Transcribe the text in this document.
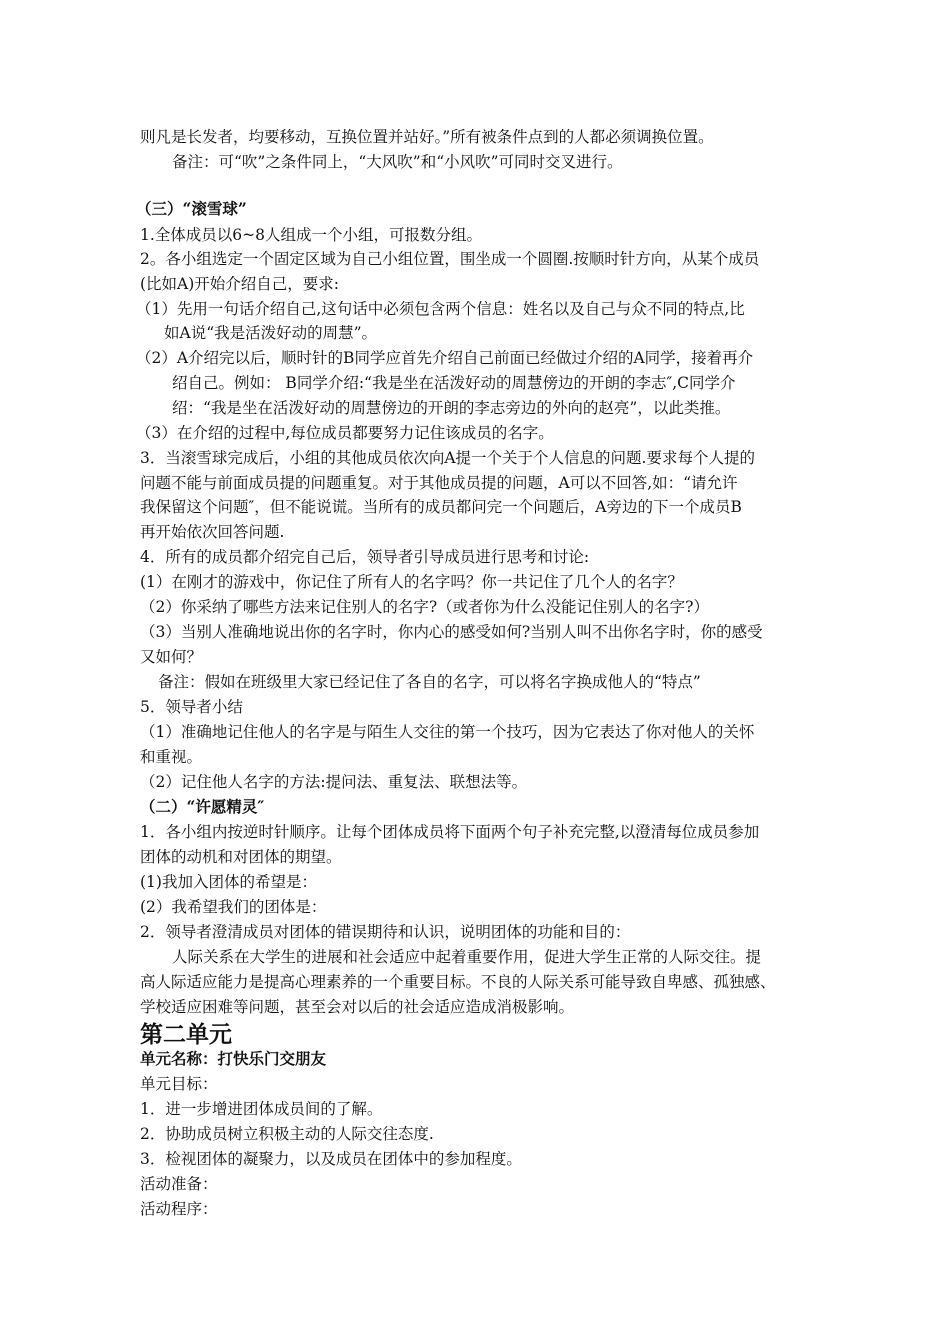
则凡是长发者，均要移动，互换位置并站好。”所有被条件点到的人都必须调换位置。

备注：可“吹”之条件同上，“大风吹”和“小风吹”可同时交叉进行。

（三）“滚雪球”

1.全体成员以6~8人组成一个小组，可报数分组。

2。各小组选定一个固定区域为自己小组位置，围坐成一个圆圈.按顺时针方向，从某个成员

(比如A)开始介绍自己，要求:

（1）先用一句话介绍自己,这句话中必须包含两个信息：姓名以及自己与众不同的特点,比

如A说“我是活泼好动的周慧”。

（2）A介绍完以后，顺时针的B同学应首先介绍自己前面已经做过介绍的A同学，接着再介

绍自己。例如： B同学介绍:“我是坐在活泼好动的周慧傍边的开朗的李志″,C同学介

绍：“我是坐在活泼好动的周慧傍边的开朗的李志旁边的外向的赵亮”，以此类推。

（3）在介绍的过程中,每位成员都要努力记住该成员的名字。

3．当滚雪球完成后，小组的其他成员依次向A提一个关于个人信息的问题.要求每个人提的

问题不能与前面成员提的问题重复。对于其他成员提的问题，A可以不回答,如：“请允许

我保留这个问题″，但不能说谎。当所有的成员都问完一个问题后，A旁边的下一个成员B

再开始依次回答问题.

4．所有的成员都介绍完自己后，领导者引导成员进行思考和讨论:

(1）在刚才的游戏中，你记住了所有人的名字吗？你一共记住了几个人的名字？

（2）你采纳了哪些方法来记住别人的名字?（或者你为什么没能记住别人的名字?）

（3）当别人准确地说出你的名字时，你内心的感受如何?当别人叫不出你名字时，你的感受

又如何？

备注：假如在班级里大家已经记住了各自的名字，可以将名字换成他人的“特点”

5．领导者小结

（1）准确地记住他人的名字是与陌生人交往的第一个技巧，因为它表达了你对他人的关怀

和重视。

（2）记住他人名字的方法:提问法、重复法、联想法等。

（二）“许愿精灵″

1．各小组内按逆时针顺序。让每个团体成员将下面两个句子补充完整,以澄清每位成员参加

团体的动机和对团体的期望。

(1)我加入团体的希望是：

(2）我希望我们的团体是：

2．领导者澄清成员对团体的错误期待和认识，说明团体的功能和目的：

人际关系在大学生的进展和社会适应中起着重要作用，促进大学生正常的人际交往。提

高人际适应能力是提高心理素养的一个重要目标。不良的人际关系可能导致自卑感、孤独感、

学校适应困难等问题，甚至会对以后的社会适应造成消极影响。

第二单元

单元名称：打快乐门交朋友

单元目标：

1．进一步增进团体成员间的了解。

2．协助成员树立积极主动的人际交往态度.

3．检视团体的凝聚力，以及成员在团体中的参加程度。

活动准备：

活动程序：
